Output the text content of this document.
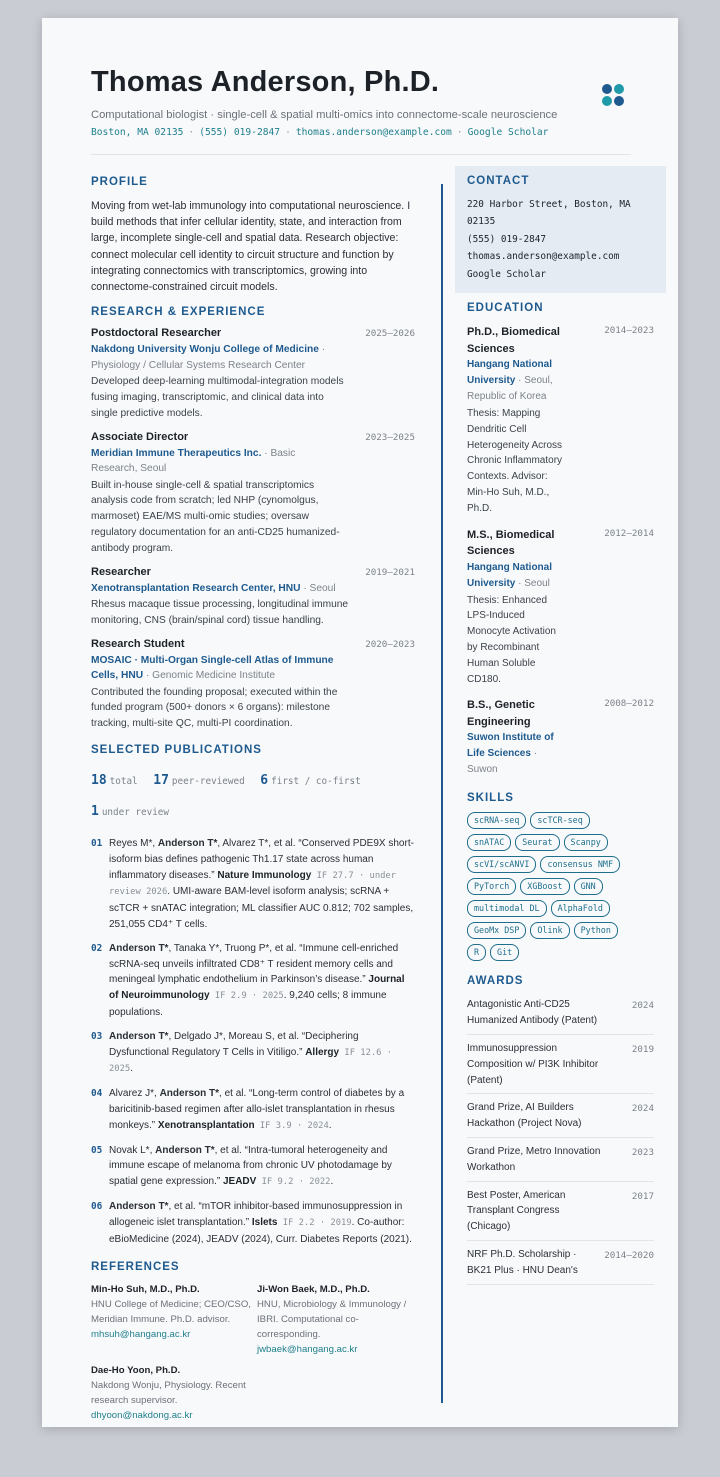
Thomas Anderson, Ph.D.
Computational biologist · single-cell & spatial multi-omics into connectome-scale neuroscience
Boston, MA 02135 · (555) 019-2847 · thomas.anderson@example.com · Google Scholar
PROFILE
Moving from wet-lab immunology into computational neuroscience. I build methods that infer cellular identity, state, and interaction from large, incomplete single-cell and spatial data. Research objective: connect molecular cell identity to circuit structure and function by integrating connectomics with transcriptomics, growing into connectome-constrained circuit models.
RESEARCH & EXPERIENCE
Postdoctoral Researcher	2025–2026
Nakdong University Wonju College of Medicine · Physiology / Cellular Systems Research Center
Developed deep-learning multimodal-integration models fusing imaging, transcriptomic, and clinical data into single predictive models.
Associate Director	2023–2025
Meridian Immune Therapeutics Inc. · Basic Research, Seoul
Built in-house single-cell & spatial transcriptomics analysis code from scratch; led NHP (cynomolgus, marmoset) EAE/MS multi-omic studies; oversaw regulatory documentation for an anti-CD25 humanized-antibody program.
Researcher	2019–2021
Xenotransplantation Research Center, HNU · Seoul
Rhesus macaque tissue processing, longitudinal immune monitoring, CNS (brain/spinal cord) tissue handling.
Research Student	2020–2023
MOSAIC · Multi-Organ Single-cell Atlas of Immune Cells, HNU · Genomic Medicine Institute
Contributed the founding proposal; executed within the funded program (500+ donors × 6 organs): milestone tracking, multi-site QC, multi-PI coordination.
SELECTED PUBLICATIONS
18 total 17 peer-reviewed 6 first / co-first
1 under review
01 Reyes M*, Anderson T*, Alvarez T*, et al. “Conserved PDE9X short-isoform bias defines pathogenic Th1.17 state across human inflammatory diseases.” Nature Immunology IF 27.7 · under review 2026. UMI-aware BAM-level isoform analysis; scRNA + scTCR + snATAC integration; ML classifier AUC 0.812; 702 samples, 251,055 CD4⁺ T cells.
02 Anderson T*, Tanaka Y*, Truong P*, et al. “Immune cell-enriched scRNA-seq unveils infiltrated CD8⁺ T resident memory cells and meningeal lymphatic endothelium in Parkinson’s disease.” Journal of Neuroimmunology IF 2.9 · 2025. 9,240 cells; 8 immune populations.
03 Anderson T*, Delgado J*, Moreau S, et al. “Deciphering Dysfunctional Regulatory T Cells in Vitiligo.” Allergy IF 12.6 · 2025.
04 Alvarez J*, Anderson T*, et al. “Long-term control of diabetes by a baricitinib-based regimen after allo-islet transplantation in rhesus monkeys.” Xenotransplantation IF 3.9 · 2024.
05 Novak L*, Anderson T*, et al. “Intra-tumoral heterogeneity and immune escape of melanoma from chronic UV photodamage by spatial gene expression.” JEADV IF 9.2 · 2022.
06 Anderson T*, et al. “mTOR inhibitor-based immunosuppression in allogeneic islet transplantation.” Islets IF 2.2 · 2019. Co-author: eBioMedicine (2024), JEADV (2024), Curr. Diabetes Reports (2021).
REFERENCES
Min-Ho Suh, M.D., Ph.D.
HNU College of Medicine; CEO/CSO, Meridian Immune. Ph.D. advisor.
mhsuh@hangang.ac.kr
Ji-Won Baek, M.D., Ph.D.
HNU, Microbiology & Immunology / IBRI. Computational co-corresponding.
jwbaek@hangang.ac.kr
Dae-Ho Yoon, Ph.D.
Nakdong Wonju, Physiology. Recent research supervisor.
dhyoon@nakdong.ac.kr
CONTACT
220 Harbor Street, Boston, MA 02135
(555) 019-2847
thomas.anderson@example.com
Google Scholar
EDUCATION
Ph.D., Biomedical Sciences
2014–2023
Hangang National University · Seoul, Republic of Korea
Thesis: Mapping Dendritic Cell Heterogeneity Across Chronic Inflammatory Contexts. Advisor: Min-Ho Suh, M.D., Ph.D.
M.S., Biomedical Sciences
2012–2014
Hangang National University · Seoul
Thesis: Enhanced LPS-Induced Monocyte Activation by Recombinant Human Soluble CD180.
B.S., Genetic Engineering
2008–2012
Suwon Institute of Life Sciences · Suwon
SKILLS
scRNA-seq	scTCR-seq
snATAC	Seurat	Scanpy
scVI/scANVI	consensus NMF
PyTorch	XGBoost	GNN
multimodal DL	AlphaFold
GeoMx DSP	Olink	Python
R	Git
AWARDS
Antagonistic Anti-CD25 Humanized Antibody (Patent)
2024
Immunosuppression Composition w/ PI3K Inhibitor (Patent)
2019
Grand Prize, AI Builders Hackathon (Project Nova)
2024
Grand Prize, Metro Innovation Workathon
2023
Best Poster, American Transplant Congress (Chicago)
2017
NRF Ph.D. Scholarship · BK21 Plus · HNU Dean's
2014–2020
